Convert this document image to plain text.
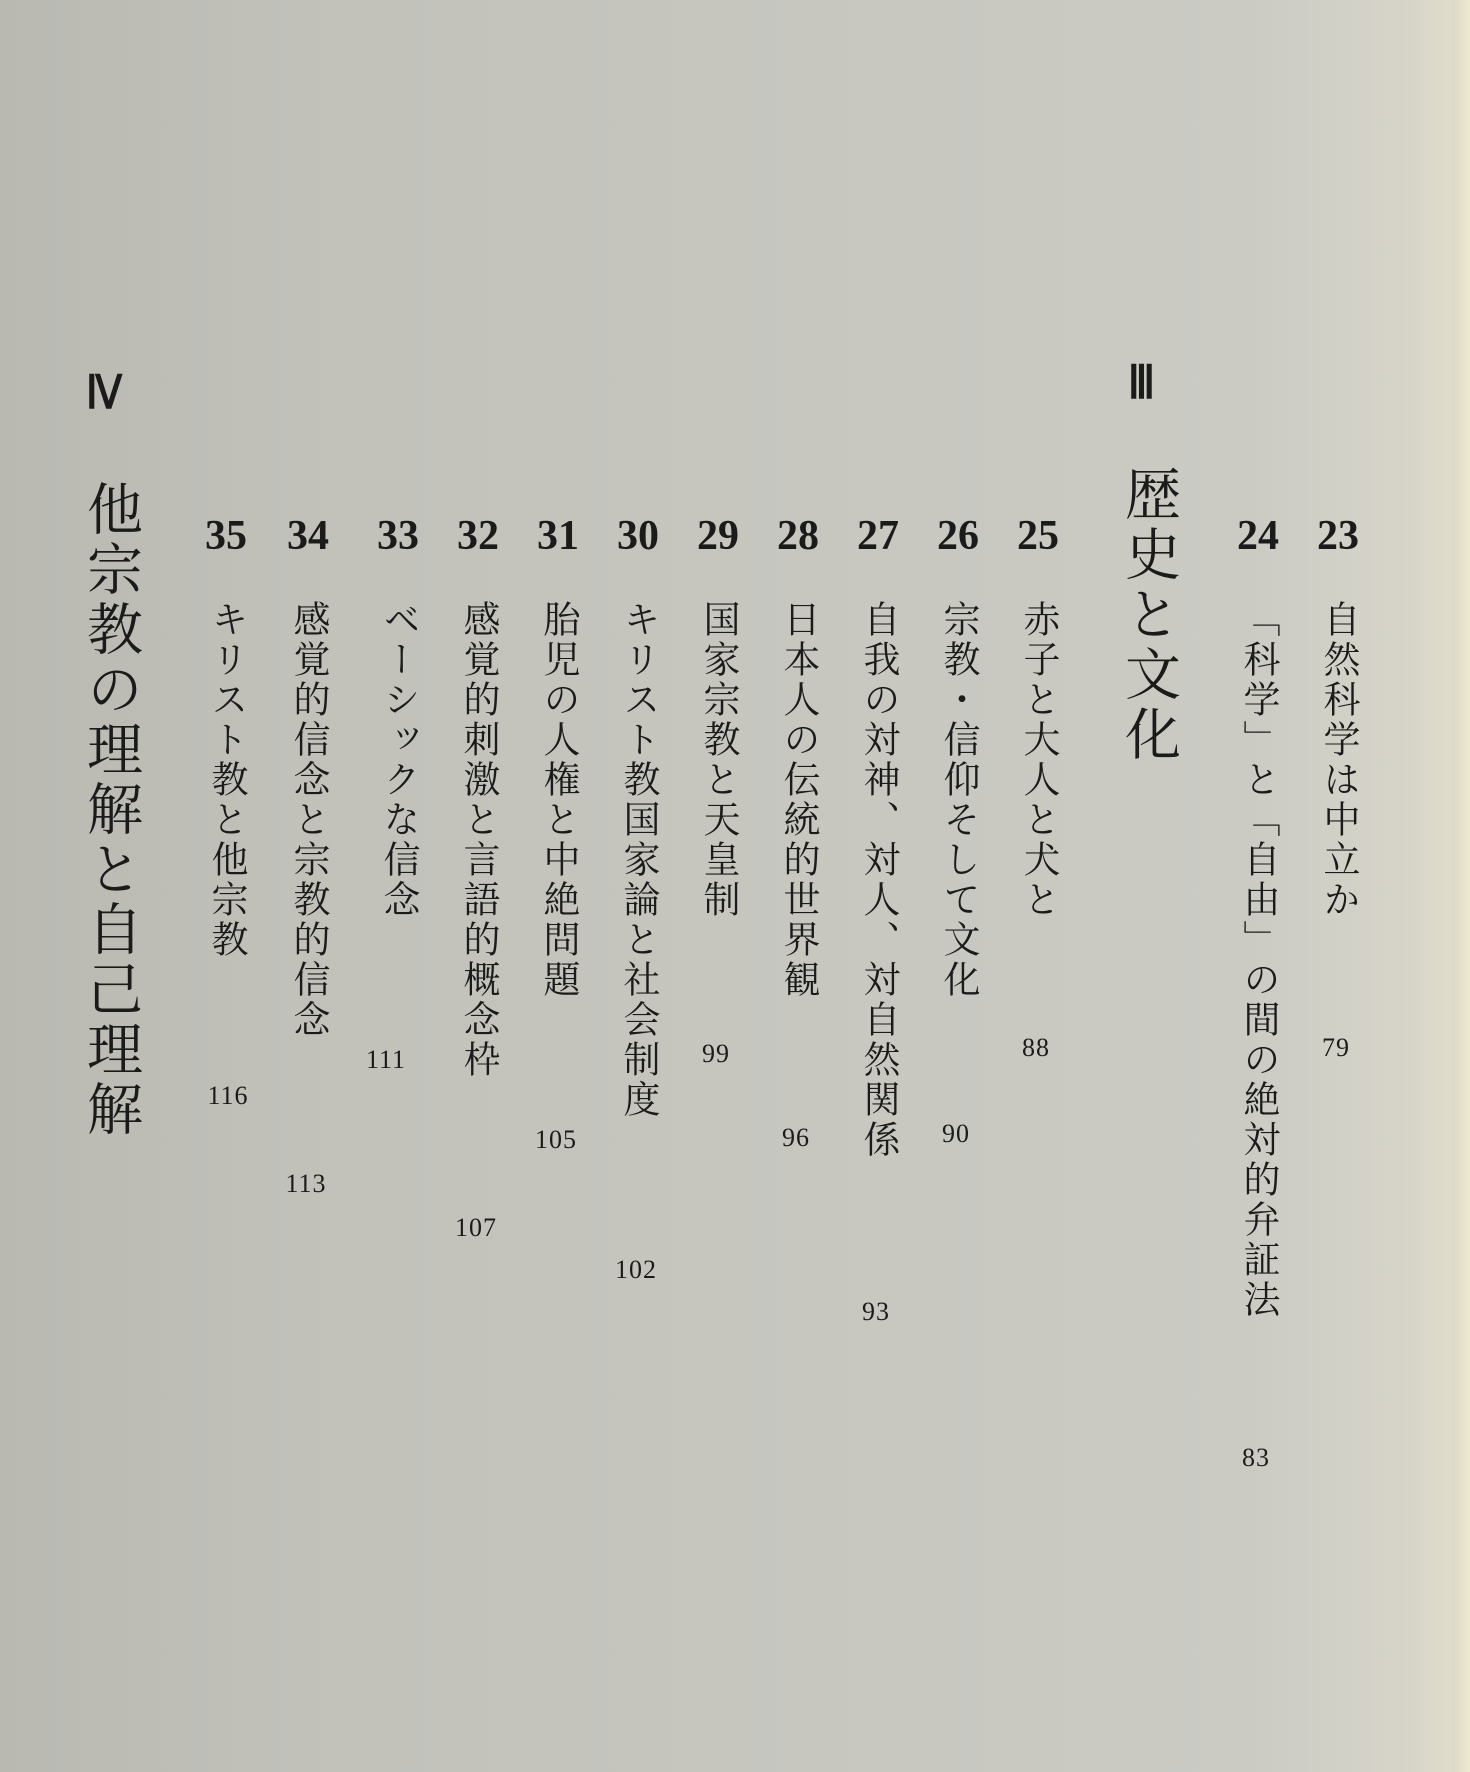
Ⅲ
歴史と文化
Ⅳ
他宗教の理解と自己理解	23
自然科学は中立か
79
24
「科学」と「自由」の間の絶対的弁証法
83
25
赤子と大人と犬と
88
26
宗教・信仰そして文化
90
27
自我の対神、対人、対自然関係
93
28
日本人の伝統的世界観
96
29
国家宗教と天皇制
99
30
キリスト教国家論と社会制度
102
31
胎児の人権と中絶問題
105
32
感覚的刺激と言語的概念枠
107
33
ベーシックな信念
111
34
感覚的信念と宗教的信念
113
35
キリスト教と他宗教
116
